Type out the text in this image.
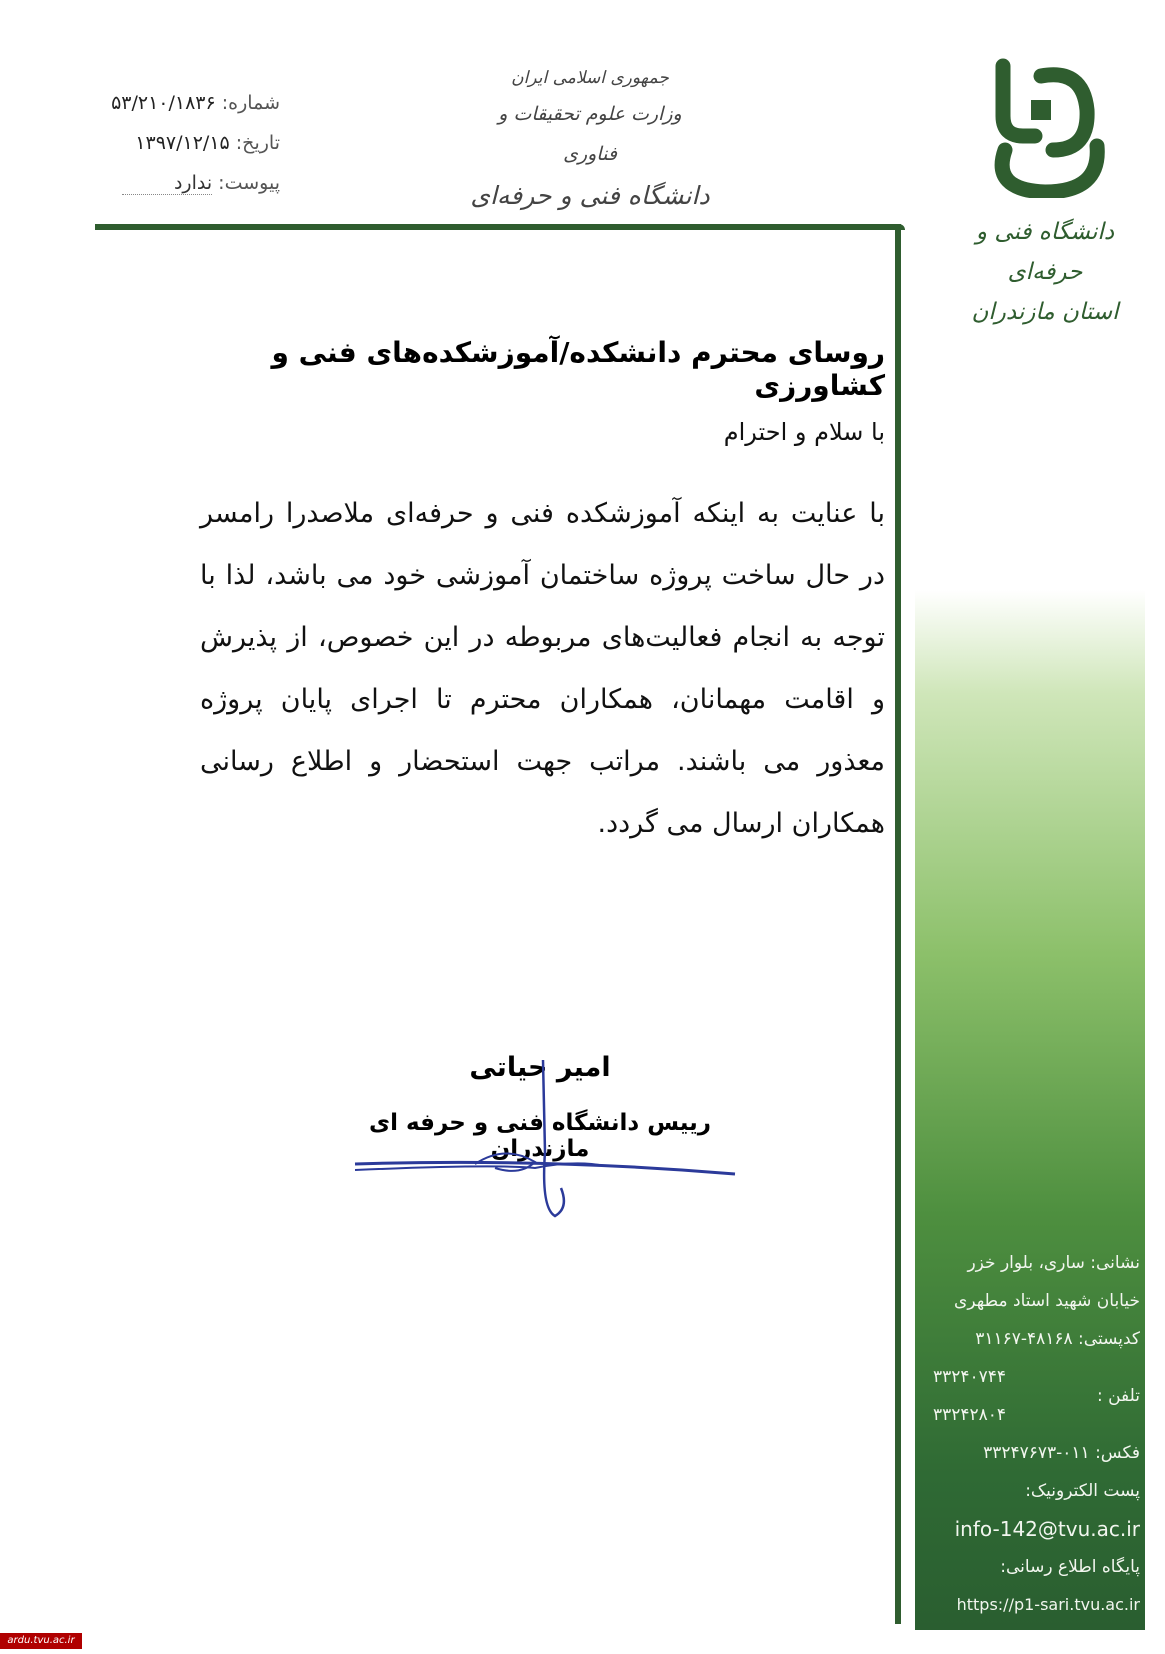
شماره: ۵۳/۲۱۰/۱۸۳۶
تاریخ: ۱۳۹۷/۱۲/۱۵
پیوست: ندارد
جمهوری اسلامی ایران
وزارت علوم تحقیقات و فناوری
دانشگاه فنی و حرفه‌ای
دانشگاه فنی و حرفه‌ای
استان مازندران
روسای محترم دانشکده/آموزشکده‌های فنی و کشاورزی
با سلام و احترام
با عنایت به اینکه آموزشکده فنی و حرفه‌ای ملاصدرا رامسر در حال ساخت پروژه ساختمان آموزشی خود می باشد، لذا با توجه به انجام فعالیت‌های مربوطه در این خصوص، از پذیرش و اقامت مهمانان، همکاران محترم تا اجرای پایان پروژه معذور می باشند. مراتب جهت استحضار و اطلاع رسانی همکاران ارسال می گردد.
امیر حیاتی
رییس دانشگاه فنی و حرفه ای مازندران
نشانی: ساری، بلوار خزر
خیابان شهید استاد مطهری
کدپستی: ۴۸۱۶۸-۳۱۱۶۷
تلفن :
۳۳۲۴۰۷۴۴
۳۳۲۴۲۸۰۴
فکس: ۰۱۱-۳۳۲۴۷۶۷۳
پست الکترونیک:
info-142@tvu.ac.ir
پایگاه اطلاع رسانی:
https://p1-sari.tvu.ac.ir
ardu.tvu.ac.ir
